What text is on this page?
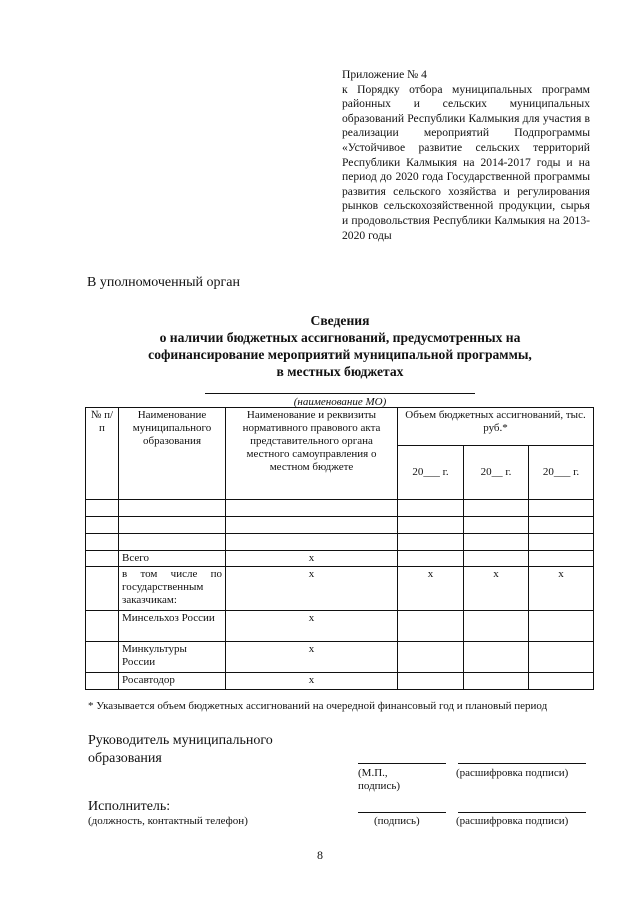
Приложение № 4
к Порядку отбора муниципальных программ районных и сельских муниципальных образований Республики Калмыкия для участия в реализации мероприятий Подпрограммы «Устойчивое развитие сельских территорий Республики Калмыкия на 2014-2017 годы и на период до 2020 года Государственной программы развития сельского хозяйства и регулирования рынков сельскохозяйственной продукции, сырья и продовольствия Республики Калмыкия на 2013-2020 годы
В уполномоченный орган
Сведения
о наличии бюджетных ассигнований, предусмотренных на
софинансирование мероприятий муниципальной программы,
в местных бюджетах
(наименование МО)
№ п/п	Наименование муниципального образования	Наименование и реквизиты нормативного правового акта представительного органа местного самоуправления о местном бюджете	Объем бюджетных ассигнований, тыс. руб.*		
			20___ г.	20__ г.	20___ г.

	Всего	х			
	в том числе по государственным заказчикам:	х	х	х	х
	Минсельхоз России	х			
	Минкультуры России	х			
	Росавтодор	х			
* Указывается объем бюджетных ассигнований на очередной финансовый год и плановый период
Руководитель муниципального образования
(М.П., подпись)
(расшифровка подписи)
Исполнитель:
(должность, контактный телефон)	(подпись)	(расшифровка подписи)
8
